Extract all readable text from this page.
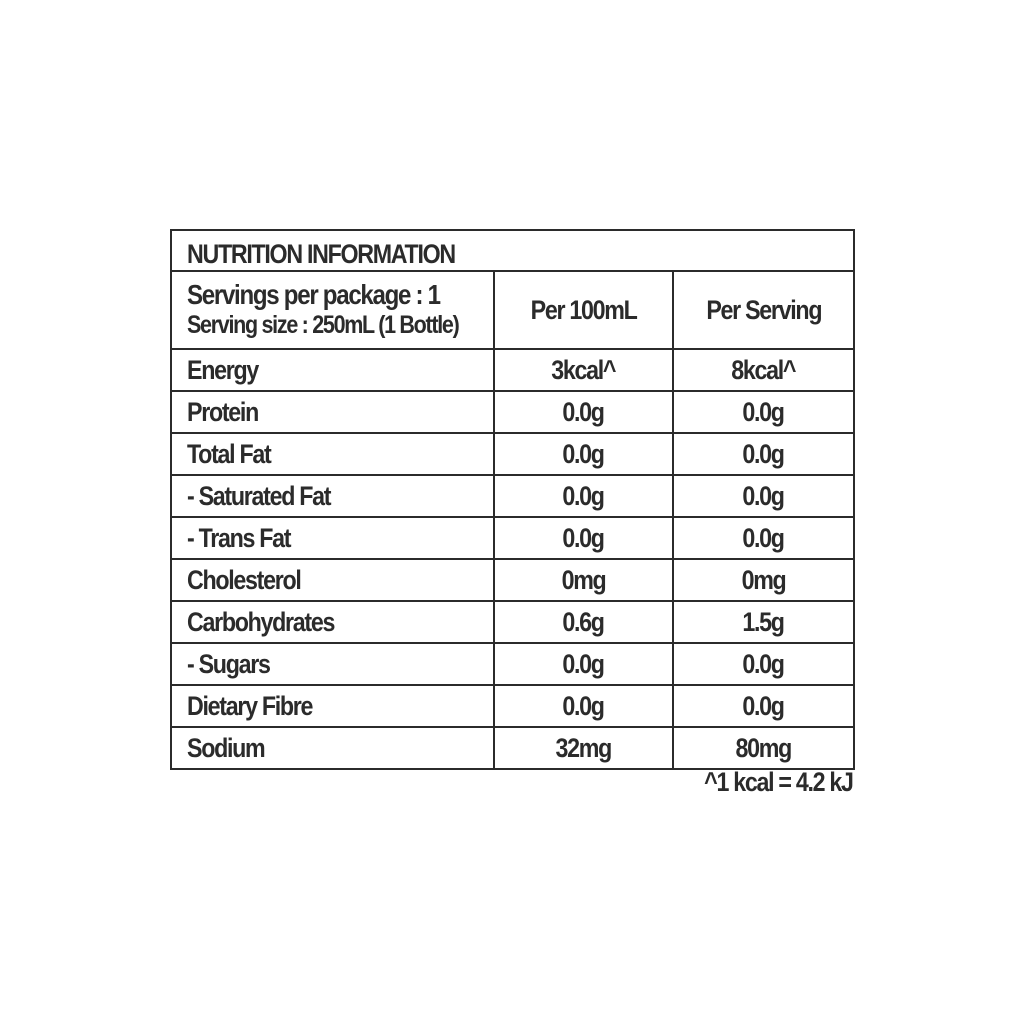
NUTRITION INFORMATION		

Servings per package : 1
Serving size : 250mL (1 Bottle)	Per 100mL	Per Serving
Energy	3kcal^	8kcal^
Protein	0.0g	0.0g
Total Fat	0.0g	0.0g
- Saturated Fat	0.0g	0.0g
- Trans Fat	0.0g	0.0g
Cholesterol	0mg	0mg
Carbohydrates	0.6g	1.5g
- Sugars	0.0g	0.0g
Dietary Fibre	0.0g	0.0g
Sodium	32mg	80mg
^1 kcal = 4.2 kJ
